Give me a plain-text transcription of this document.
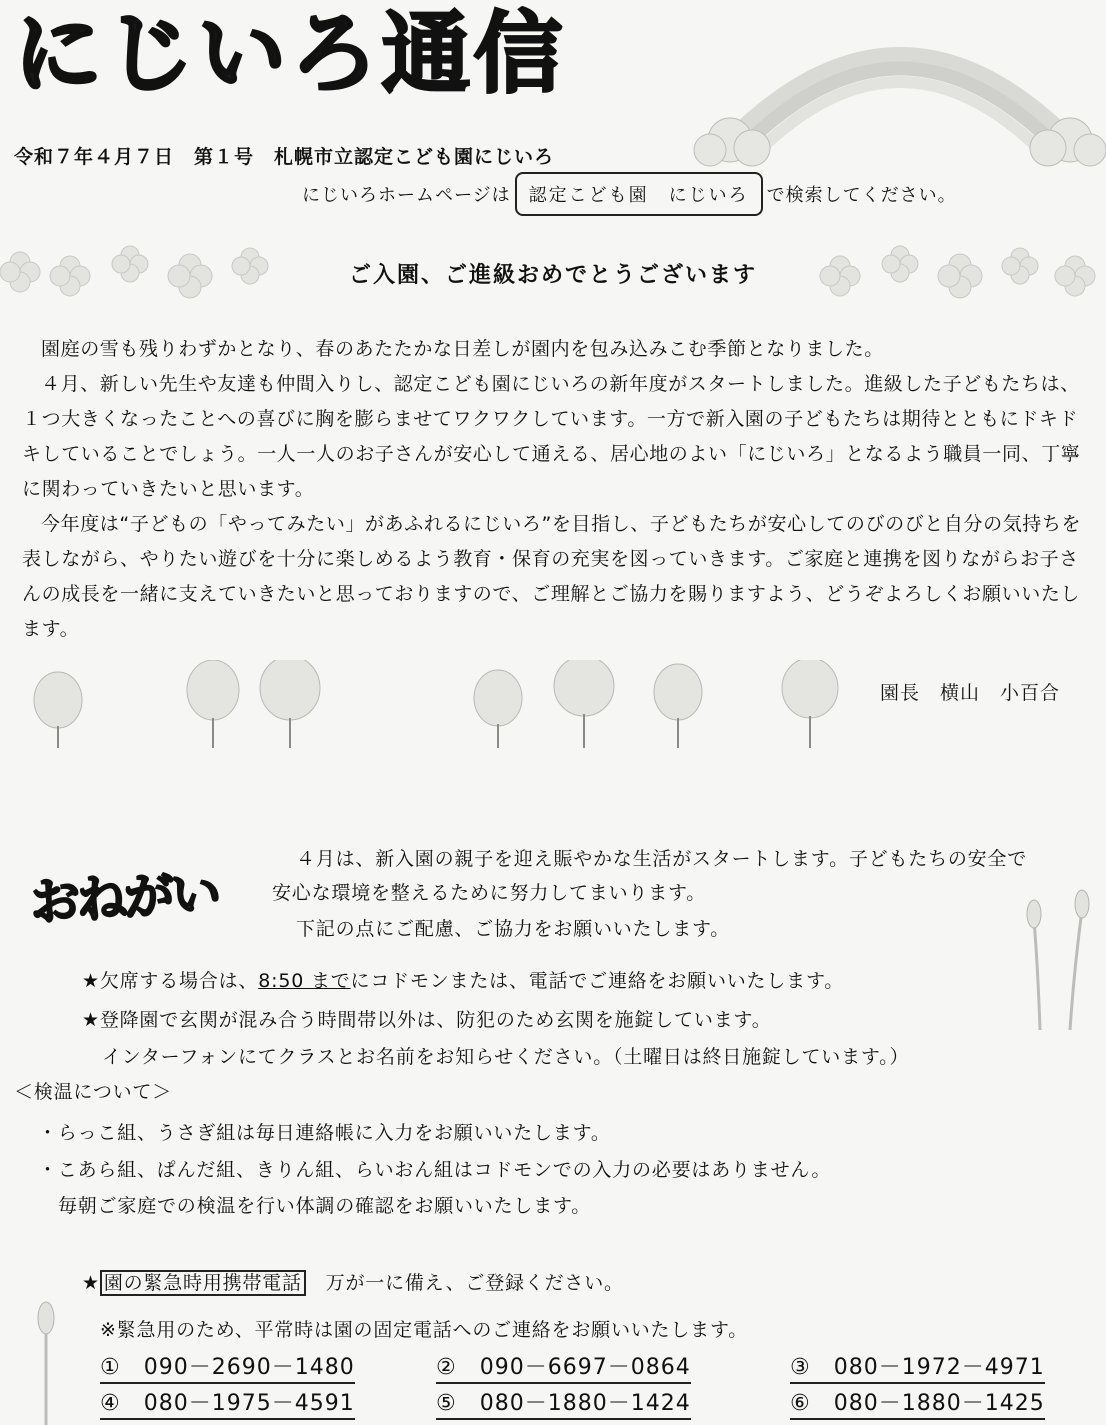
にじいろ通信
令和７年４月７日　第１号　札幌市立認定こども園にじいろ
にじいろホームページは	認定こども園　にじいろ	で検索してください。
ご入園、ご進級おめでとうございます
園庭の雪も残りわずかとなり、春のあたたかな日差しが園内を包み込みこむ季節となりました。
４月、新しい先生や友達も仲間入りし、認定こども園にじいろの新年度がスタートしました。進級した子どもたちは、１つ大きくなったことへの喜びに胸を膨らませてワクワクしています。一方で新入園の子どもたちは期待とともにドキドキしていることでしょう。一人一人のお子さんが安心して通える、居心地のよい「にじいろ」となるよう職員一同、丁寧に関わっていきたいと思います。
今年度は“子どもの「やってみたい」があふれるにじいろ”を目指し、子どもたちが安心してのびのびと自分の気持ちを表しながら、やりたい遊びを十分に楽しめるよう教育・保育の充実を図っていきます。ご家庭と連携を図りながらお子さんの成長を一緒に支えていきたいと思っておりますので、ご理解とご協力を賜りますよう、どうぞよろしくお願いいたします。
園長　横山　小百合
おねがい
４月は、新入園の親子を迎え賑やかな生活がスタートします。子どもたちの安全で
安心な環境を整えるために努力してまいります。
下記の点にご配慮、ご協力をお願いいたします。
★欠席する場合は、8:50 までにコドモンまたは、電話でご連絡をお願いいたします。
★登降園で玄関が混み合う時間帯以外は、防犯のため玄関を施錠しています。
インターフォンにてクラスとお名前をお知らせください。（土曜日は終日施錠しています。）
＜検温について＞
・らっこ組、うさぎ組は毎日連絡帳に入力をお願いいたします。
・こあら組、ぱんだ組、きりん組、らいおん組はコドモンでの入力の必要はありません。
毎朝ご家庭での検温を行い体調の確認をお願いいたします。
★ 園の緊急時用携帯電話　 万が一に備え、ご登録ください。
※緊急用のため、平常時は園の固定電話へのご連絡をお願いいたします。
①　090－2690－1480	②　090－6697－0864	③　080－1972－4971
④　080－1975－4591	⑤　080－1880－1424	⑥　080－1880－1425
